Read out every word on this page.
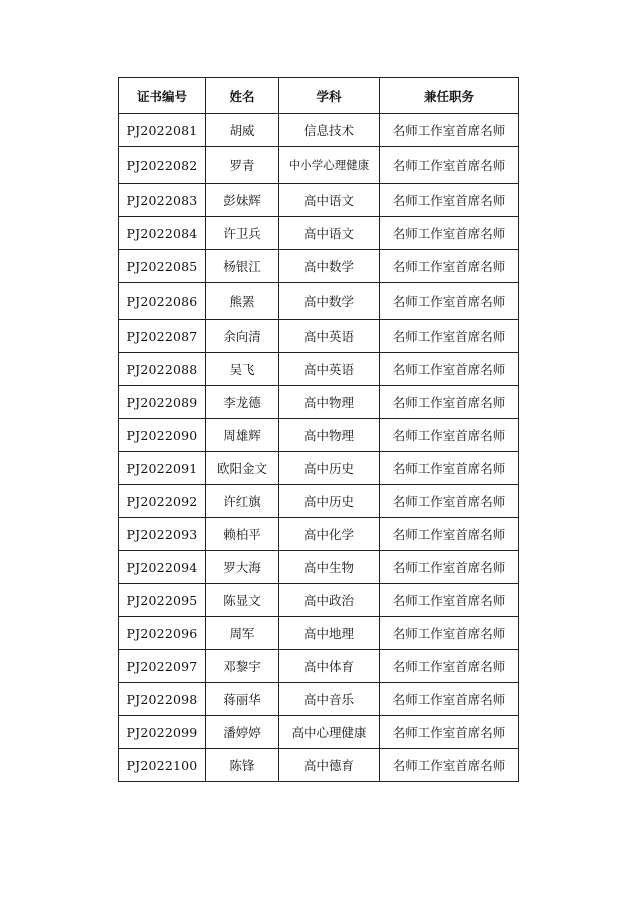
证书编号	姓名	学科	兼任职务
PJ2022081	胡威	信息技术	名师工作室首席名师
PJ2022082	罗青	中小学心理健康	名师工作室首席名师
PJ2022083	彭妹辉	高中语文	名师工作室首席名师
PJ2022084	许卫兵	高中语文	名师工作室首席名师
PJ2022085	杨银江	高中数学	名师工作室首席名师
PJ2022086	熊罴	高中数学	名师工作室首席名师
PJ2022087	余向清	高中英语	名师工作室首席名师
PJ2022088	吴飞	高中英语	名师工作室首席名师
PJ2022089	李龙德	高中物理	名师工作室首席名师
PJ2022090	周雄辉	高中物理	名师工作室首席名师
PJ2022091	欧阳金文	高中历史	名师工作室首席名师
PJ2022092	许红旗	高中历史	名师工作室首席名师
PJ2022093	赖柏平	高中化学	名师工作室首席名师
PJ2022094	罗大海	高中生物	名师工作室首席名师
PJ2022095	陈显文	高中政治	名师工作室首席名师
PJ2022096	周军	高中地理	名师工作室首席名师
PJ2022097	邓黎宇	高中体育	名师工作室首席名师
PJ2022098	蒋丽华	高中音乐	名师工作室首席名师
PJ2022099	潘婷婷	高中心理健康	名师工作室首席名师
PJ2022100	陈锋	高中德育	名师工作室首席名师
